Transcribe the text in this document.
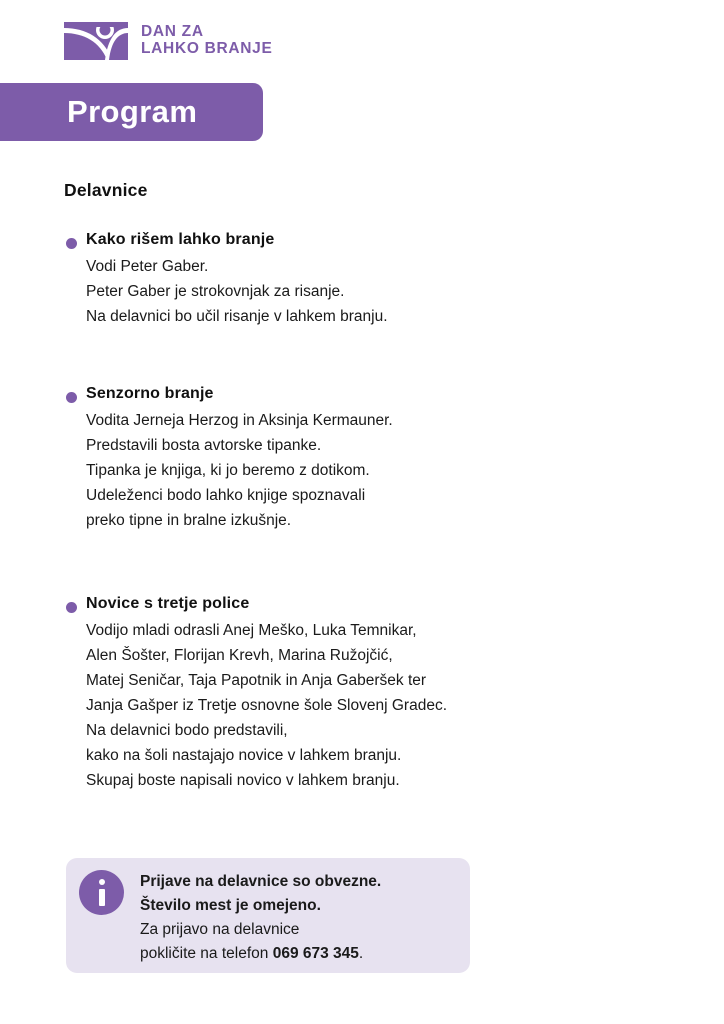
DAN ZA
LAHKO BRANJE
Program
Delavnice
Kako rišem lahko branje
Vodi Peter Gaber.
Peter Gaber je strokovnjak za risanje.
Na delavnici bo učil risanje v lahkem branju.
Senzorno branje
Vodita Jerneja Herzog in Aksinja Kermauner.
Predstavili bosta avtorske tipanke.
Tipanka je knjiga, ki jo beremo z dotikom.
Udeleženci bodo lahko knjige spoznavali
preko tipne in bralne izkušnje.
Novice s tretje police
Vodijo mladi odrasli Anej Meško, Luka Temnikar,
Alen Šošter, Florijan Krevh, Marina Ružojčić,
Matej Seničar, Taja Papotnik in Anja Gaberšek ter
Janja Gašper iz Tretje osnovne šole Slovenj Gradec.
Na delavnici bodo predstavili,
kako na šoli nastajajo novice v lahkem branju.
Skupaj boste napisali novico v lahkem branju.
Prijave na delavnice so obvezne.
Število mest je omejeno.
Za prijavo na delavnice
pokličite na telefon 069 673 345.
